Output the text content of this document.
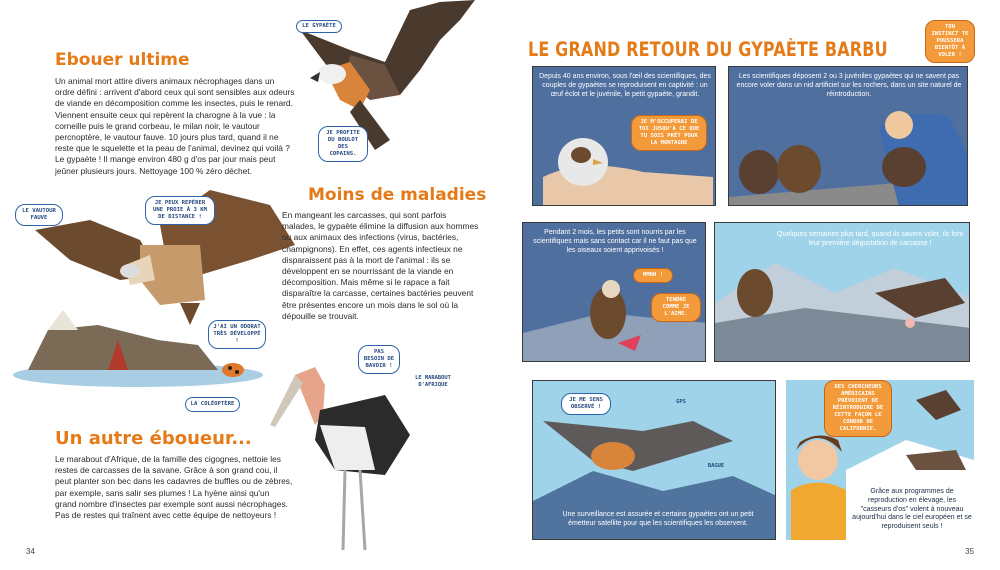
LE GYPAÈTE
JE PROFITE DU BOULOT DES COPAINS.
Ebouer ultime
Un animal mort attire divers animaux nécrophages dans un ordre défini : arrivent d'abord ceux qui sont sensibles aux odeurs de viande en décomposition comme les insectes, puis le renard. Viennent ensuite ceux qui repèrent la charogne à la vue : la corneille puis le grand corbeau, le milan noir, le vautour percnoptère, le vautour fauve. 10 jours plus tard, quand il ne reste que le squelette et la peau de l'animal, devinez qui voilà ? Le gypaète ! Il mange environ 480 g d'os par jour mais peut jeûner plusieurs jours. Nettoyage 100 % zéro déchet.
LE VAUTOUR FAUVE
JE PEUX REPÉRER UNE PROIE À 3 KM DE DISTANCE !
Moins de maladies
En mangeant les carcasses, qui sont parfois malades, le gypaète élimine la diffusion aux hommes ou aux animaux des infections (virus, bactéries, champignons). En effet, ces agents infectieux ne disparaissent pas à la mort de l'animal : ils se développent en se nourrissant de la viande en décomposition. Mais même si le rapace a fait disparaître la carcasse, certaines bactéries peuvent être présentes encore un mois dans le sol où la dépouille se trouvait.
J'AI UN ODORAT TRÈS DÉVELOPPÉ !
LA COLÉOPTÈRE
PAS BESOIN DE BAVOIR !
LE MARABOUT D'AFRIQUE
Un autre éboueur...
Le marabout d'Afrique, de la famille des cigognes, nettoie les restes de carcasses de la savane. Grâce à son grand cou, il peut planter son bec dans les cadavres de buffles ou de zèbres, par exemple, sans salir ses plumes ! La hyène ainsi qu'un grand nombre d'insectes par exemple sont aussi nécrophages. Pas de restes qui traînent avec cette équipe de nettoyeurs !
34
LE GRAND RETOUR DU GYPAÈTE BARBU
TON INSTINCT TE POUSSERA BIENTÔT À VOLER !
Depuis 40 ans environ, sous l'œil des scientifiques, des couples de gypaètes se reproduisent en captivité : un œuf éclot et le juvénile, le petit gypaète, grandit.
JE M'OCCUPERAI DE TOI JUSQU'À CE QUE TU SOIS PRÊT POUR LA MONTAGNE
Les scientifiques déposent 2 ou 3 juvéniles gypaètes qui ne savent pas encore voler dans un nid artificiel sur les rochers, dans un site naturel de réintroduction.
Pendant 2 mois, les petits sont nourris par les scientifiques mais sans contact car il ne faut pas que les oiseaux soient apprivoisés !
MMHH !
TENDRE COMME JE L'AIME.
Quelques semaines plus tard, quand ils savent voler, ils font leur première dégustation de carcasse !
JE ME SENS OBSERVÉ !
GPS
BAGUE
Une surveillance est assurée et certains gypaètes ont un petit émetteur satellite pour que les scientifiques les observent.
DES CHERCHEURS AMÉRICAINS PRÉVOIENT DE RÉINTRODUIRE DE CETTE FAÇON LE CONDOR DE CALIFORNIE.
Grâce aux programmes de reproduction en élevage, les "casseurs d'os" volent à nouveau aujourd'hui dans le ciel européen et se reproduisent seuls !
35
